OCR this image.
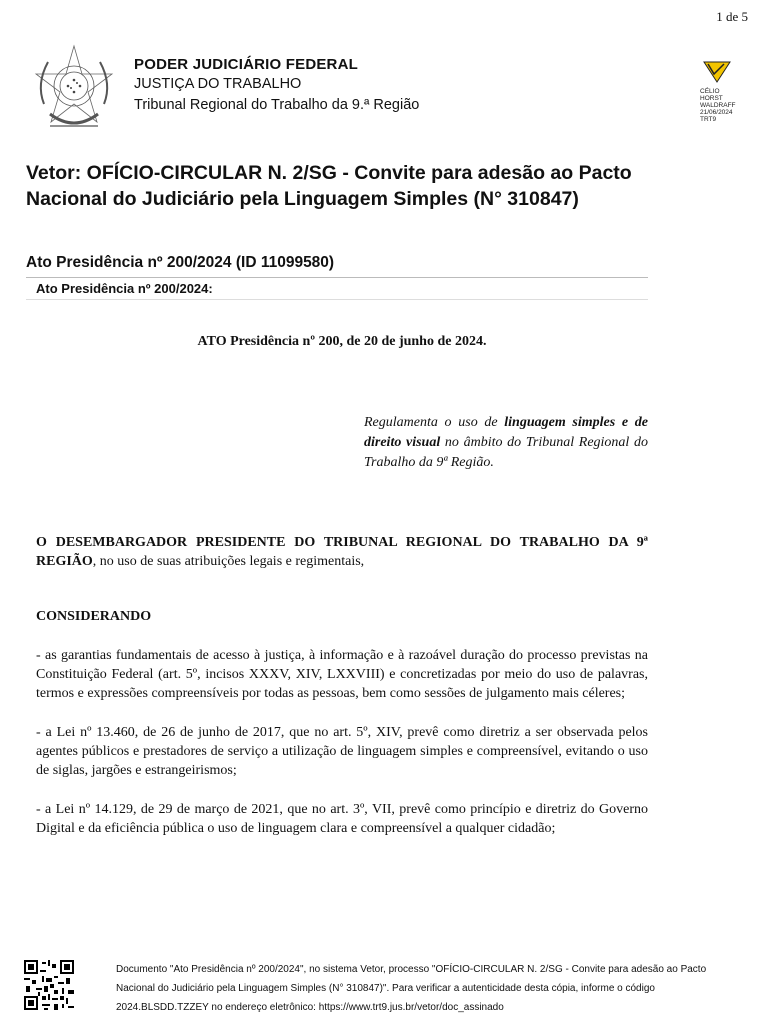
1 de 5
PODER JUDICIÁRIO FEDERAL
JUSTIÇA DO TRABALHO
Tribunal Regional do Trabalho da 9.ª Região
CÉLIO
HORST
WALDRAFF
21/06/2024
TRT9
Vetor: OFÍCIO-CIRCULAR N. 2/SG - Convite para adesão ao Pacto Nacional do Judiciário pela Linguagem Simples (N° 310847)
Ato Presidência nº 200/2024 (ID 11099580)
Ato Presidência nº 200/2024:
ATO Presidência nº 200, de 20 de junho de 2024.
Regulamenta o uso de linguagem simples e de direito visual no âmbito do Tribunal Regional do Trabalho da 9ª Região.

O DESEMBARGADOR PRESIDENTE DO TRIBUNAL REGIONAL DO TRABALHO DA 9ª REGIÃO, no uso de suas atribuições legais e regimentais,

CONSIDERANDO

- as garantias fundamentais de acesso à justiça, à informação e à razoável duração do processo previstas na Constituição Federal (art. 5º, incisos XXXV, XIV, LXXVIII) e concretizadas por meio do uso de palavras, termos e expressões compreensíveis por todas as pessoas, bem como sessões de julgamento mais céleres;

- a Lei nº 13.460, de 26 de junho de 2017, que no art. 5º, XIV, prevê como diretriz a ser observada pelos agentes públicos e prestadores de serviço a utilização de linguagem simples e compreensível, evitando o uso de siglas, jargões e estrangeirismos;

- a Lei nº 14.129, de 29 de março de 2021, que no art. 3º, VII, prevê como princípio e diretriz do Governo Digital e da eficiência pública o uso de linguagem clara e compreensível a qualquer cidadão;

Documento "Ato Presidência nº 200/2024", no sistema Vetor, processo "OFÍCIO-CIRCULAR N. 2/SG - Convite para adesão ao Pacto Nacional do Judiciário pela Linguagem Simples (N° 310847)". Para verificar a autenticidade desta cópia, informe o código 2024.BLSDD.TZZEY no endereço eletrônico: https://www.trt9.jus.br/vetor/doc_assinado
